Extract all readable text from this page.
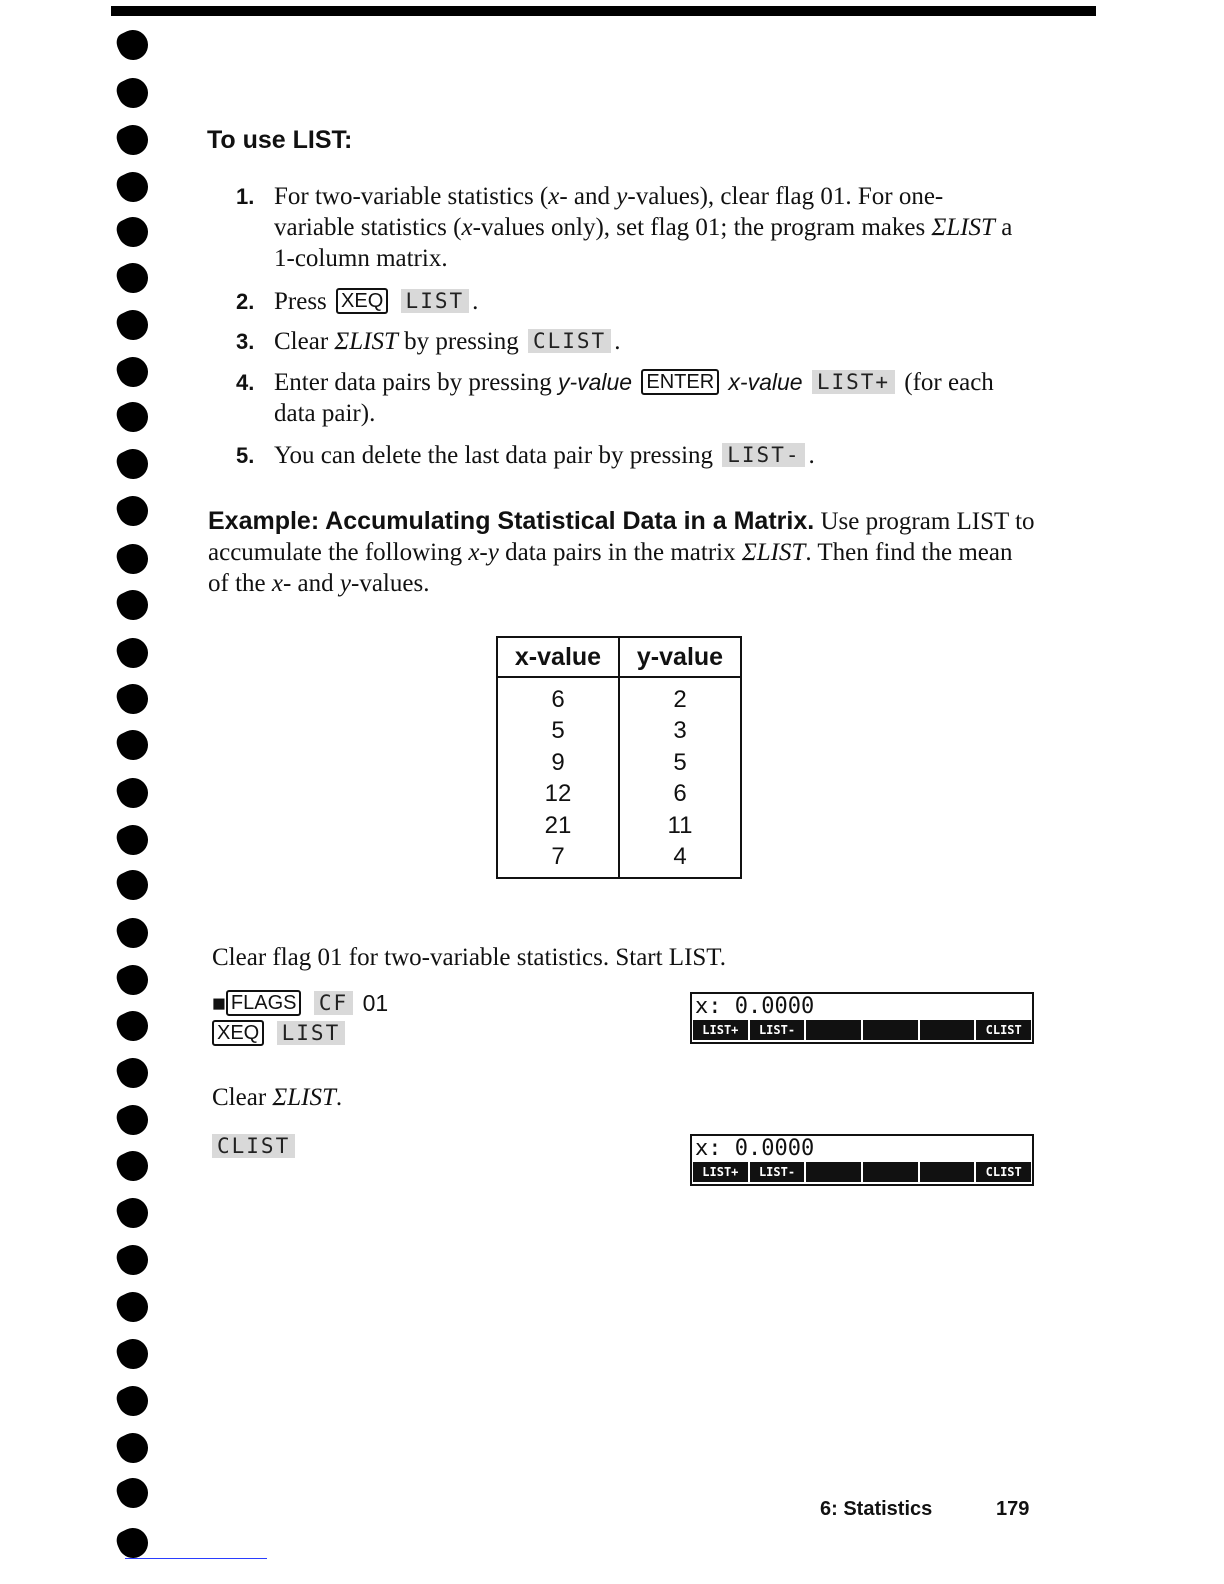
To use LIST:
1. For two-variable statistics (x- and y-values), clear flag 01. For one-variable statistics (x-values only), set flag 01; the program makes ΣLIST a 1-column matrix.
2. Press XEQ LIST .
3. Clear ΣLIST by pressing CLIST .
4. Enter data pairs by pressing y-value ENTER x-value LIST+ (for each data pair).
5. You can delete the last data pair by pressing LIST- .
Example: Accumulating Statistical Data in a Matrix. Use program LIST to accumulate the following x-y data pairs in the matrix ΣLIST. Then find the mean of the x- and y-values.
x-value	y-value
6	2
5	3
9	5
12	6
21	11
7	4
Clear flag 01 for two-variable statistics. Start LIST.
■ FLAGS CF 01
XEQ LIST
x: 0.0000
LIST+	LIST-	CLIST
Clear ΣLIST.
CLIST	x: 0.0000
LIST+	LIST-	CLIST
6: Statistics	179
